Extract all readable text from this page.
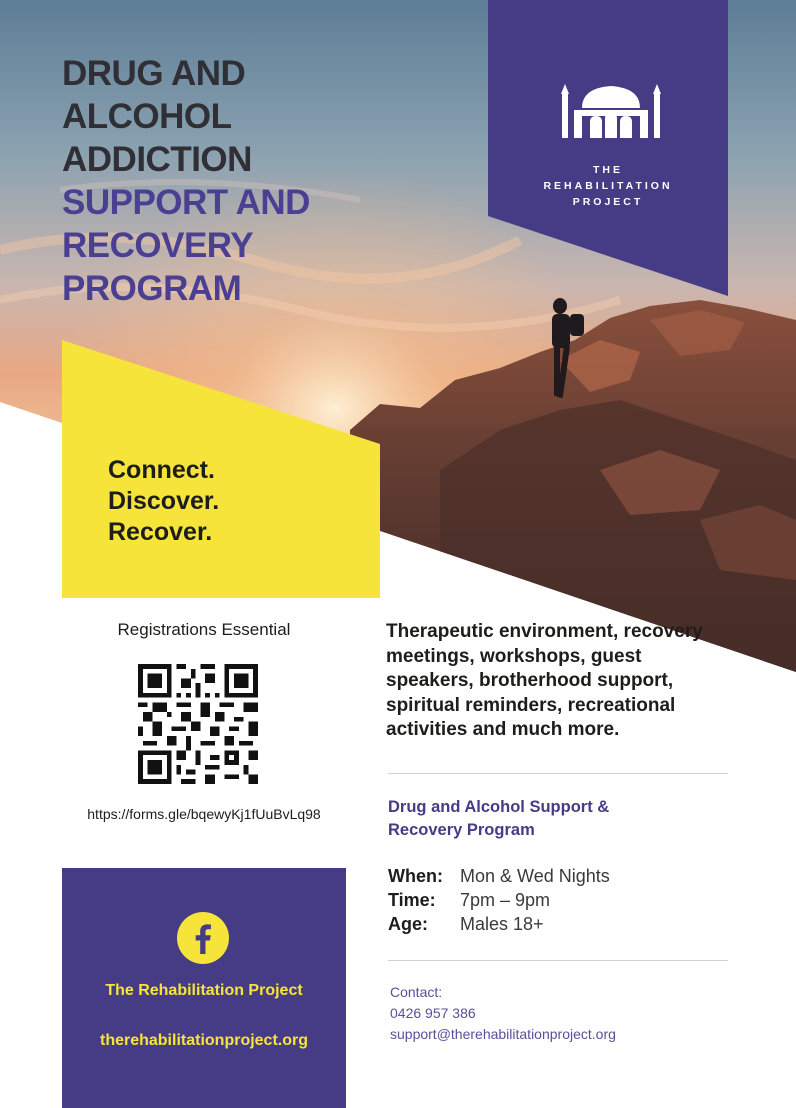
DRUG AND
ALCOHOL
ADDICTION
SUPPORT AND
RECOVERY
PROGRAM
THE
REHABILITATION
PROJECT
Connect.
Discover.
Recover.
Registrations Essential
https://forms.gle/bqewyKj1fUuBvLq98
The Rehabilitation Project
therehabilitationproject.org

Therapeutic environment, recovery meetings, workshops, guest speakers, brotherhood support, spiritual reminders, recreational activities and much more.

Drug and Alcohol Support & Recovery Program

When: Mon & Wed Nights
Time: 7pm – 9pm
Age: Males 18+
Contact:
0426 957 386
support@therehabilitationproject.org
